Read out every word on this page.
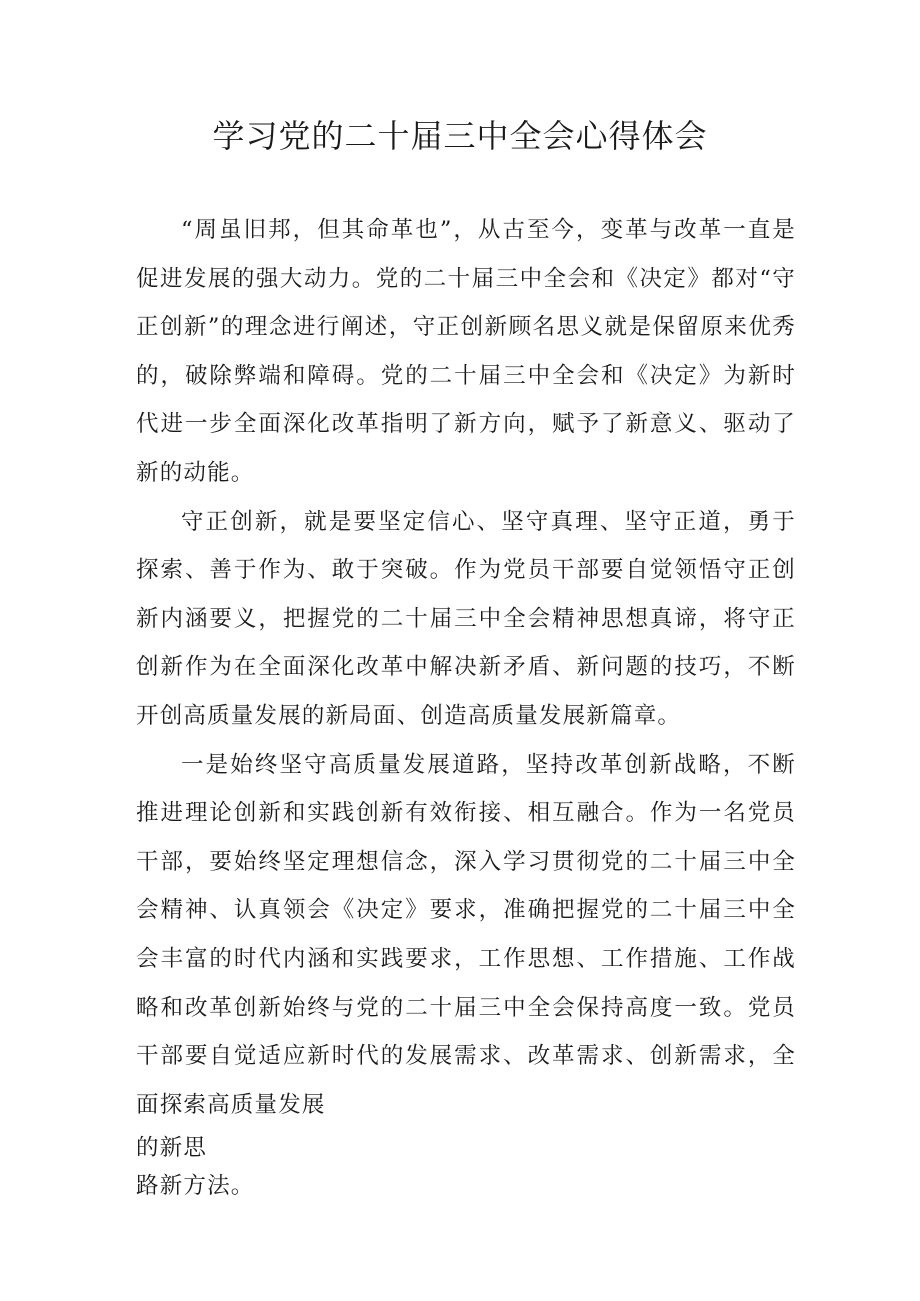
学习党的二十届三中全会心得体会

“周虽旧邦，但其命革也”，从古至今，变革与改革一直是促进发展的强大动力。党的二十届三中全会和《决定》都对“守正创新”的理念进行阐述，守正创新顾名思义就是保留原来优秀的，破除弊端和障碍。党的二十届三中全会和《决定》为新时代进一步全面深化改革指明了新方向，赋予了新意义、驱动了新的动能。

守正创新，就是要坚定信心、坚守真理、坚守正道，勇于探索、善于作为、敢于突破。作为党员干部要自觉领悟守正创新内涵要义，把握党的二十届三中全会精神思想真谛，将守正创新作为在全面深化改革中解决新矛盾、新问题的技巧，不断开创高质量发展的新局面、创造高质量发展新篇章。

一是始终坚守高质量发展道路，坚持改革创新战略，不断推进理论创新和实践创新有效衔接、相互融合。作为一名党员干部，要始终坚定理想信念，深入学习贯彻党的二十届三中全会精神、认真领会《决定》要求，准确把握党的二十届三中全会丰富的时代内涵和实践要求，工作思想、工作措施、工作战略和改革创新始终与党的二十届三中全会保持高度一致。党员干部要自觉适应新时代的发展需求、改革需求、创新需求，全面探索高质量发展

的新思
路新方法。
